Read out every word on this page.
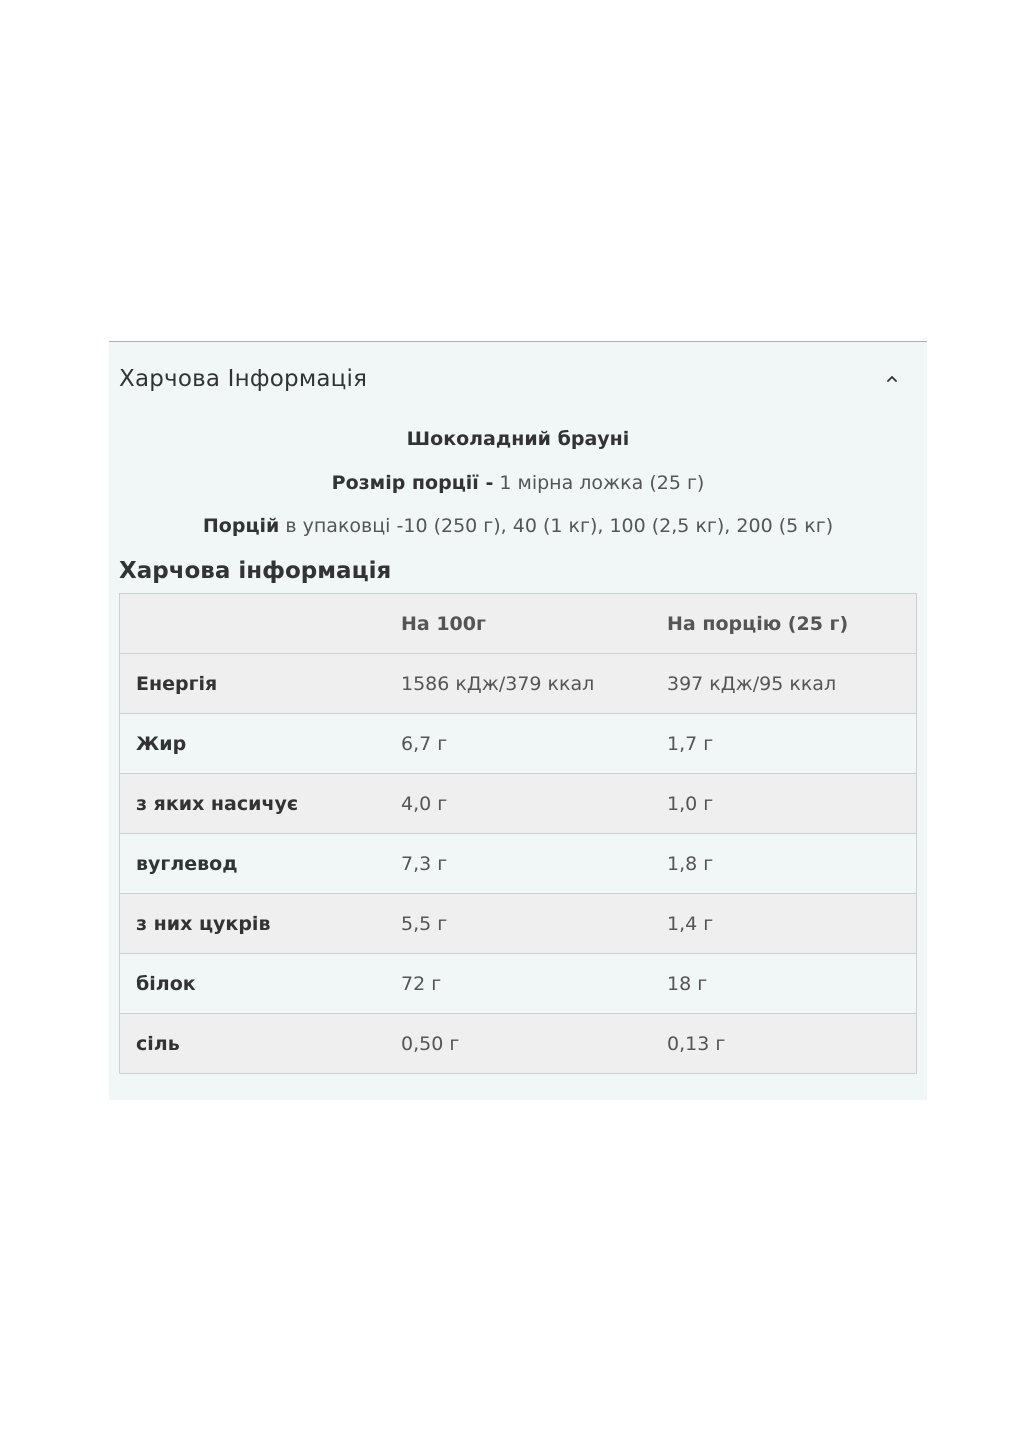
Харчова Інформація
Шоколадний брауні
Розмір порції - 1 мірна ложка (25 г)
Порцій в упаковці -10 (250 г), 40 (1 кг), 100 (2,5 кг), 200 (5 кг)
Харчова інформація
	На 100г	На порцію (25 г)
Енергія	1586 кДж/379 ккал	397 кДж/95 ккал
Жир	6,7 г	1,7 г
з яких насичує	4,0 г	1,0 г
вуглевод	7,3 г	1,8 г
з них цукрів	5,5 г	1,4 г
білок	72 г	18 г
сіль	0,50 г	0,13 г
